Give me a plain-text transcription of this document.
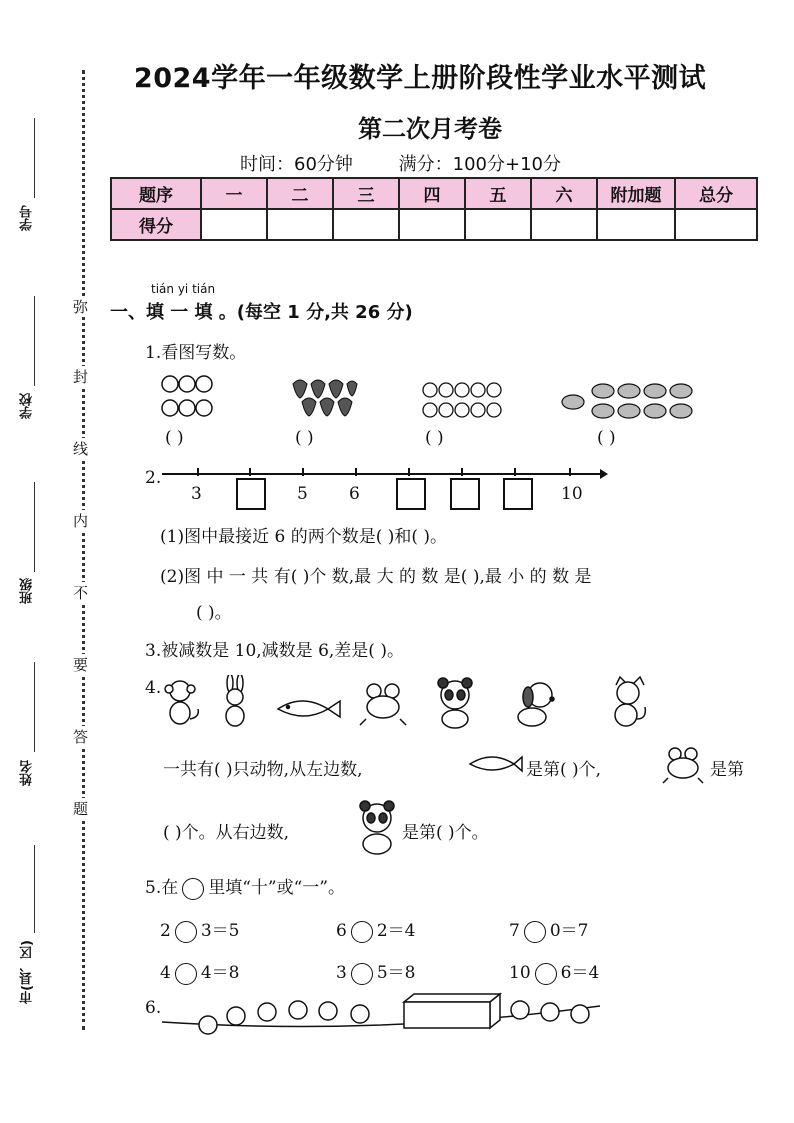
2024学年一年级数学上册阶段性学业水平测试
第二次月考卷
时间：60分钟	满分：100分+10分
题序	一	二	三	四	五	六	附加题	总分
得分								
弥
封
线
内
不
要
答
题
学号
学校
班级
姓名
市(县、区)
tián yi tián
一、填 一 填 。(每空 1 分,共 26 分)
1.看图写数。
( )	( )	( )	( )
2.
3	5 6	10
(1)图中最接近 6 的两个数是( )和( )。
(2)图 中 一 共 有( )个 数,最 大 的 数 是( ),最 小 的 数 是
( )。
3.被减数是 10,减数是 6,差是( )。
4.
一共有( )只动物,从左边数,	是第( )个,	是第
( )个。从右边数,	是第( )个。
5.在 里填“十”或“一”。
2 3＝5	6 2＝4	7 0＝7
4 4＝8	3 5＝8	10 6＝4
6.
